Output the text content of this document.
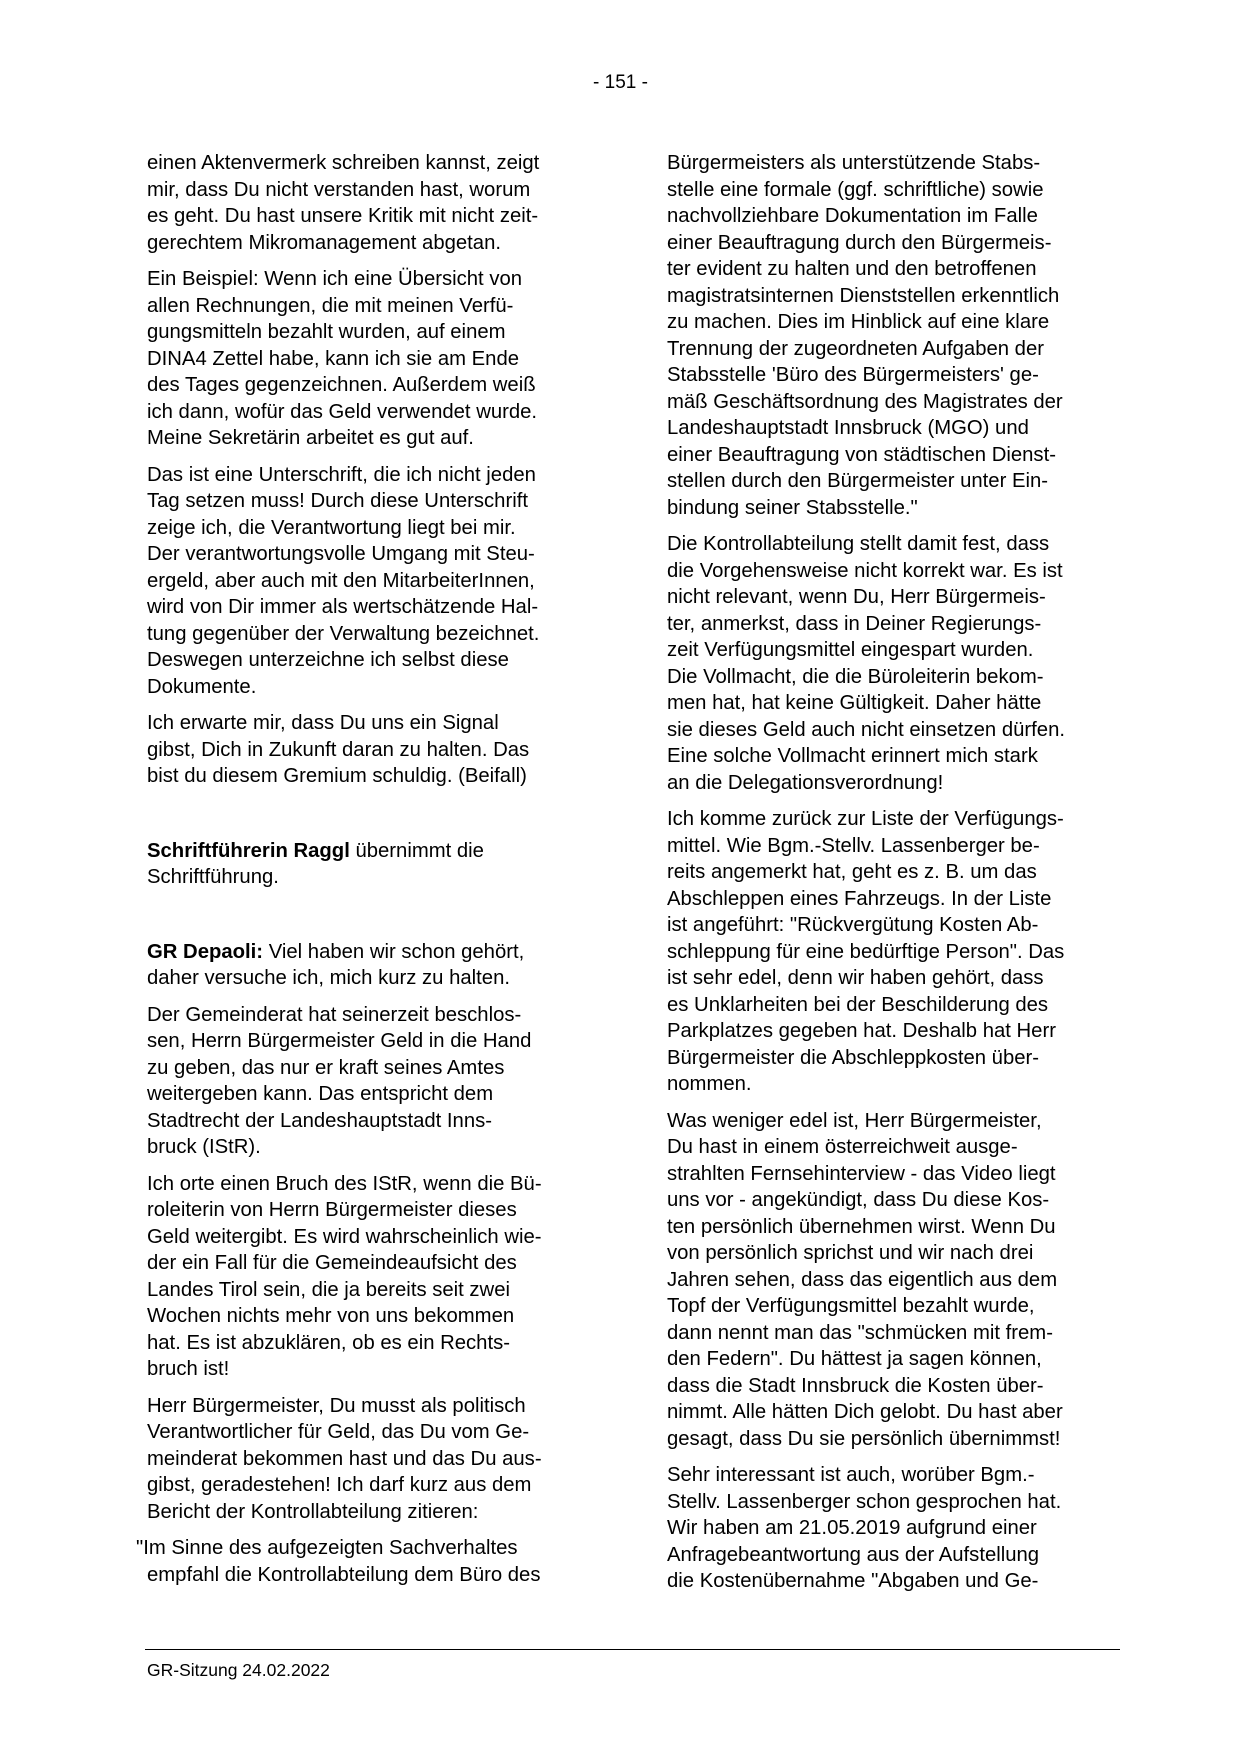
- 151 -
einen Aktenvermerk schreiben kannst, zeigt
mir, dass Du nicht verstanden hast, worum
es geht. Du hast unsere Kritik mit nicht zeit-
gerechtem Mikromanagement abgetan.
Ein Beispiel: Wenn ich eine Übersicht von
allen Rechnungen, die mit meinen Verfü-
gungsmitteln bezahlt wurden, auf einem
DINA4 Zettel habe, kann ich sie am Ende
des Tages gegenzeichnen. Außerdem weiß
ich dann, wofür das Geld verwendet wurde.
Meine Sekretärin arbeitet es gut auf.
Das ist eine Unterschrift, die ich nicht jeden
Tag setzen muss! Durch diese Unterschrift
zeige ich, die Verantwortung liegt bei mir.
Der verantwortungsvolle Umgang mit Steu-
ergeld, aber auch mit den MitarbeiterInnen,
wird von Dir immer als wertschätzende Hal-
tung gegenüber der Verwaltung bezeichnet.
Deswegen unterzeichne ich selbst diese
Dokumente.
Ich erwarte mir, dass Du uns ein Signal
gibst, Dich in Zukunft daran zu halten. Das
bist du diesem Gremium schuldig. (Beifall)
Schriftführerin Raggl übernimmt die
Schriftführung.
GR Depaoli: Viel haben wir schon gehört,
daher versuche ich, mich kurz zu halten.
Der Gemeinderat hat seinerzeit beschlos-
sen, Herrn Bürgermeister Geld in die Hand
zu geben, das nur er kraft seines Amtes
weitergeben kann. Das entspricht dem
Stadtrecht der Landeshauptstadt Inns-
bruck (IStR).
Ich orte einen Bruch des IStR, wenn die Bü-
roleiterin von Herrn Bürgermeister dieses
Geld weitergibt. Es wird wahrscheinlich wie-
der ein Fall für die Gemeindeaufsicht des
Landes Tirol sein, die ja bereits seit zwei
Wochen nichts mehr von uns bekommen
hat. Es ist abzuklären, ob es ein Rechts-
bruch ist!
Herr Bürgermeister, Du musst als politisch
Verantwortlicher für Geld, das Du vom Ge-
meinderat bekommen hast und das Du aus-
gibst, geradestehen! Ich darf kurz aus dem
Bericht der Kontrollabteilung zitieren:
"Im Sinne des aufgezeigten Sachverhaltes
empfahl die Kontrollabteilung dem Büro des
Bürgermeisters als unterstützende Stabs-
stelle eine formale (ggf. schriftliche) sowie
nachvollziehbare Dokumentation im Falle
einer Beauftragung durch den Bürgermeis-
ter evident zu halten und den betroffenen
magistratsinternen Dienststellen erkenntlich
zu machen. Dies im Hinblick auf eine klare
Trennung der zugeordneten Aufgaben der
Stabsstelle 'Büro des Bürgermeisters' ge-
mäß Geschäftsordnung des Magistrates der
Landeshauptstadt Innsbruck (MGO) und
einer Beauftragung von städtischen Dienst-
stellen durch den Bürgermeister unter Ein-
bindung seiner Stabsstelle."
Die Kontrollabteilung stellt damit fest, dass
die Vorgehensweise nicht korrekt war. Es ist
nicht relevant, wenn Du, Herr Bürgermeis-
ter, anmerkst, dass in Deiner Regierungs-
zeit Verfügungsmittel eingespart wurden.
Die Vollmacht, die die Büroleiterin bekom-
men hat, hat keine Gültigkeit. Daher hätte
sie dieses Geld auch nicht einsetzen dürfen.
Eine solche Vollmacht erinnert mich stark
an die Delegationsverordnung!
Ich komme zurück zur Liste der Verfügungs-
mittel. Wie Bgm.-Stellv. Lassenberger be-
reits angemerkt hat, geht es z. B. um das
Abschleppen eines Fahrzeugs. In der Liste
ist angeführt: "Rückvergütung Kosten Ab-
schleppung für eine bedürftige Person". Das
ist sehr edel, denn wir haben gehört, dass
es Unklarheiten bei der Beschilderung des
Parkplatzes gegeben hat. Deshalb hat Herr
Bürgermeister die Abschleppkosten über-
nommen.
Was weniger edel ist, Herr Bürgermeister,
Du hast in einem österreichweit ausge-
strahlten Fernsehinterview - das Video liegt
uns vor - angekündigt, dass Du diese Kos-
ten persönlich übernehmen wirst. Wenn Du
von persönlich sprichst und wir nach drei
Jahren sehen, dass das eigentlich aus dem
Topf der Verfügungsmittel bezahlt wurde,
dann nennt man das "schmücken mit frem-
den Federn". Du hättest ja sagen können,
dass die Stadt Innsbruck die Kosten über-
nimmt. Alle hätten Dich gelobt. Du hast aber
gesagt, dass Du sie persönlich übernimmst!
Sehr interessant ist auch, worüber Bgm.-
Stellv. Lassenberger schon gesprochen hat.
Wir haben am 21.05.2019 aufgrund einer
Anfragebeantwortung aus der Aufstellung
die Kostenübernahme "Abgaben und Ge-
GR-Sitzung 24.02.2022
